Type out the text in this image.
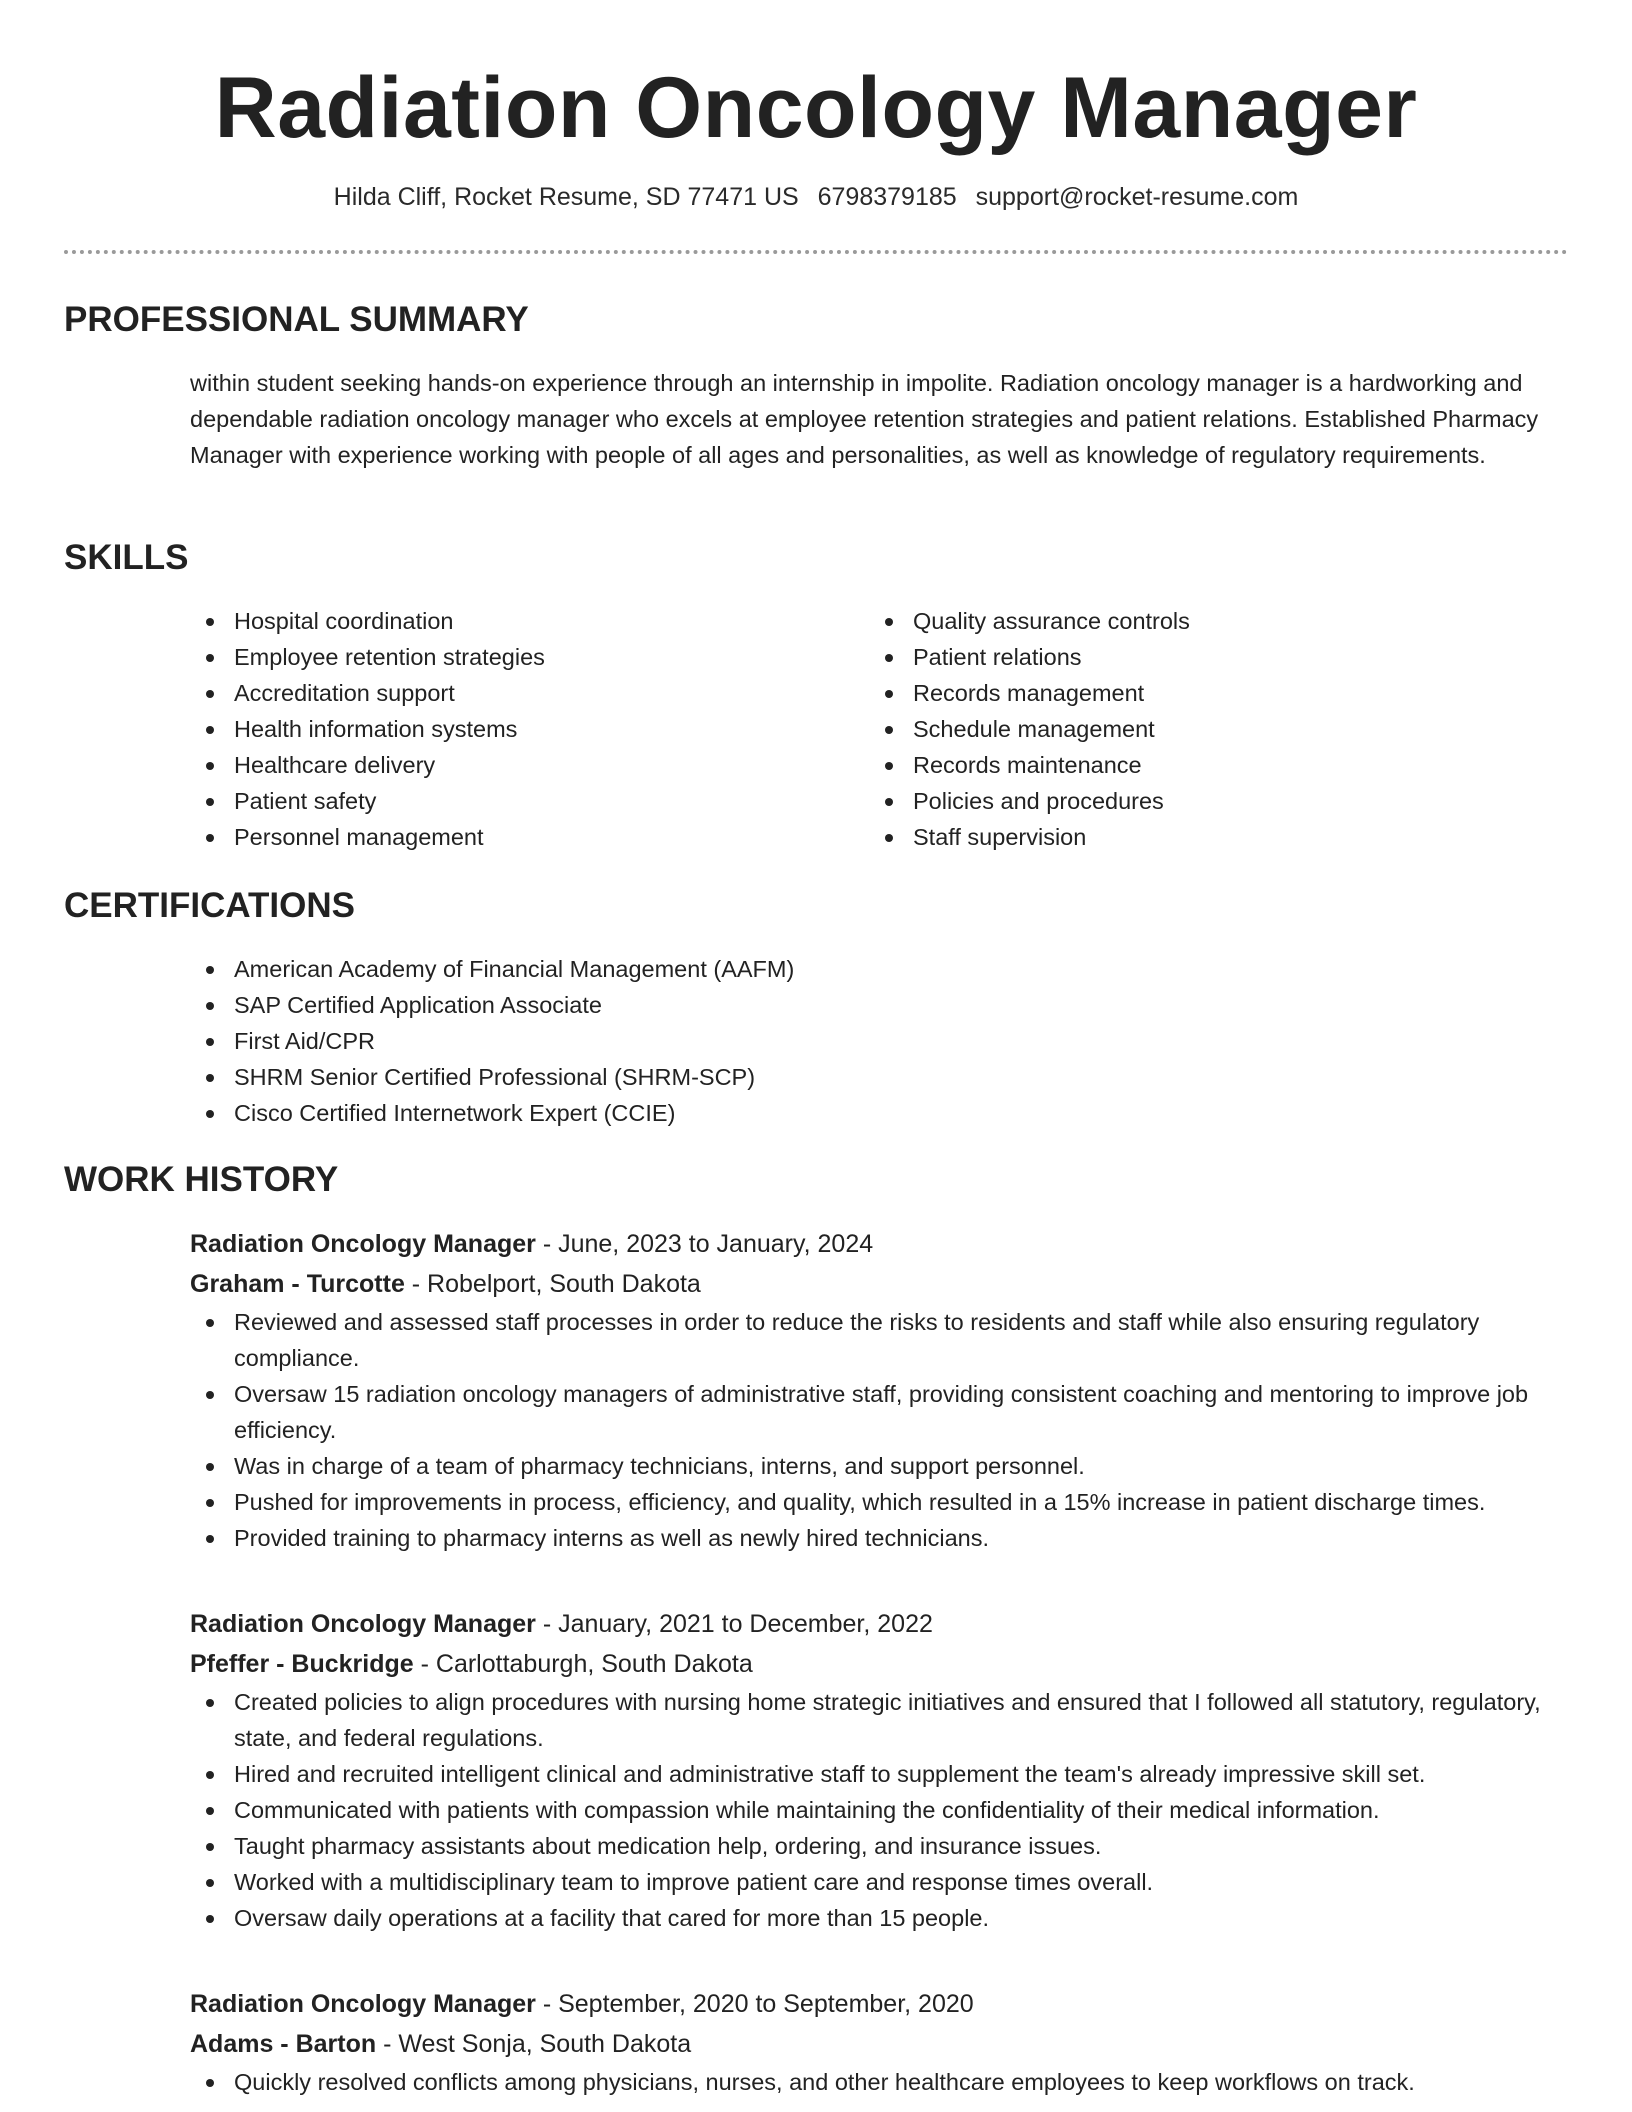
Radiation Oncology Manager
Hilda Cliff, Rocket Resume, SD 77471 US 6798379185 support@rocket-resume.com
PROFESSIONAL SUMMARY

within student seeking hands-on experience through an internship in impolite. Radiation oncology manager is a hardworking and dependable radiation oncology manager who excels at employee retention strategies and patient relations. Established Pharmacy Manager with experience working with people of all ages and personalities, as well as knowledge of regulatory requirements.

SKILLS
Hospital coordination
Employee retention strategies
Accreditation support
Health information systems
Healthcare delivery
Patient safety
Personnel management
Quality assurance controls
Patient relations
Records management
Schedule management
Records maintenance
Policies and procedures
Staff supervision
CERTIFICATIONS
American Academy of Financial Management (AAFM)
SAP Certified Application Associate
First Aid/CPR
SHRM Senior Certified Professional (SHRM-SCP)
Cisco Certified Internetwork Expert (CCIE)
WORK HISTORY

Radiation Oncology Manager - June, 2023 to January, 2024

Graham - Turcotte - Robelport, South Dakota

Reviewed and assessed staff processes in order to reduce the risks to residents and staff while also ensuring regulatory compliance.
Oversaw 15 radiation oncology managers of administrative staff, providing consistent coaching and mentoring to improve job efficiency.
Was in charge of a team of pharmacy technicians, interns, and support personnel.
Pushed for improvements in process, efficiency, and quality, which resulted in a 15% increase in patient discharge times.
Provided training to pharmacy interns as well as newly hired technicians.

Radiation Oncology Manager - January, 2021 to December, 2022

Pfeffer - Buckridge - Carlottaburgh, South Dakota

Created policies to align procedures with nursing home strategic initiatives and ensured that I followed all statutory, regulatory, state, and federal regulations.
Hired and recruited intelligent clinical and administrative staff to supplement the team's already impressive skill set.
Communicated with patients with compassion while maintaining the confidentiality of their medical information.
Taught pharmacy assistants about medication help, ordering, and insurance issues.
Worked with a multidisciplinary team to improve patient care and response times overall.
Oversaw daily operations at a facility that cared for more than 15 people.

Radiation Oncology Manager - September, 2020 to September, 2020

Adams - Barton - West Sonja, South Dakota

Quickly resolved conflicts among physicians, nurses, and other healthcare employees to keep workflows on track.
